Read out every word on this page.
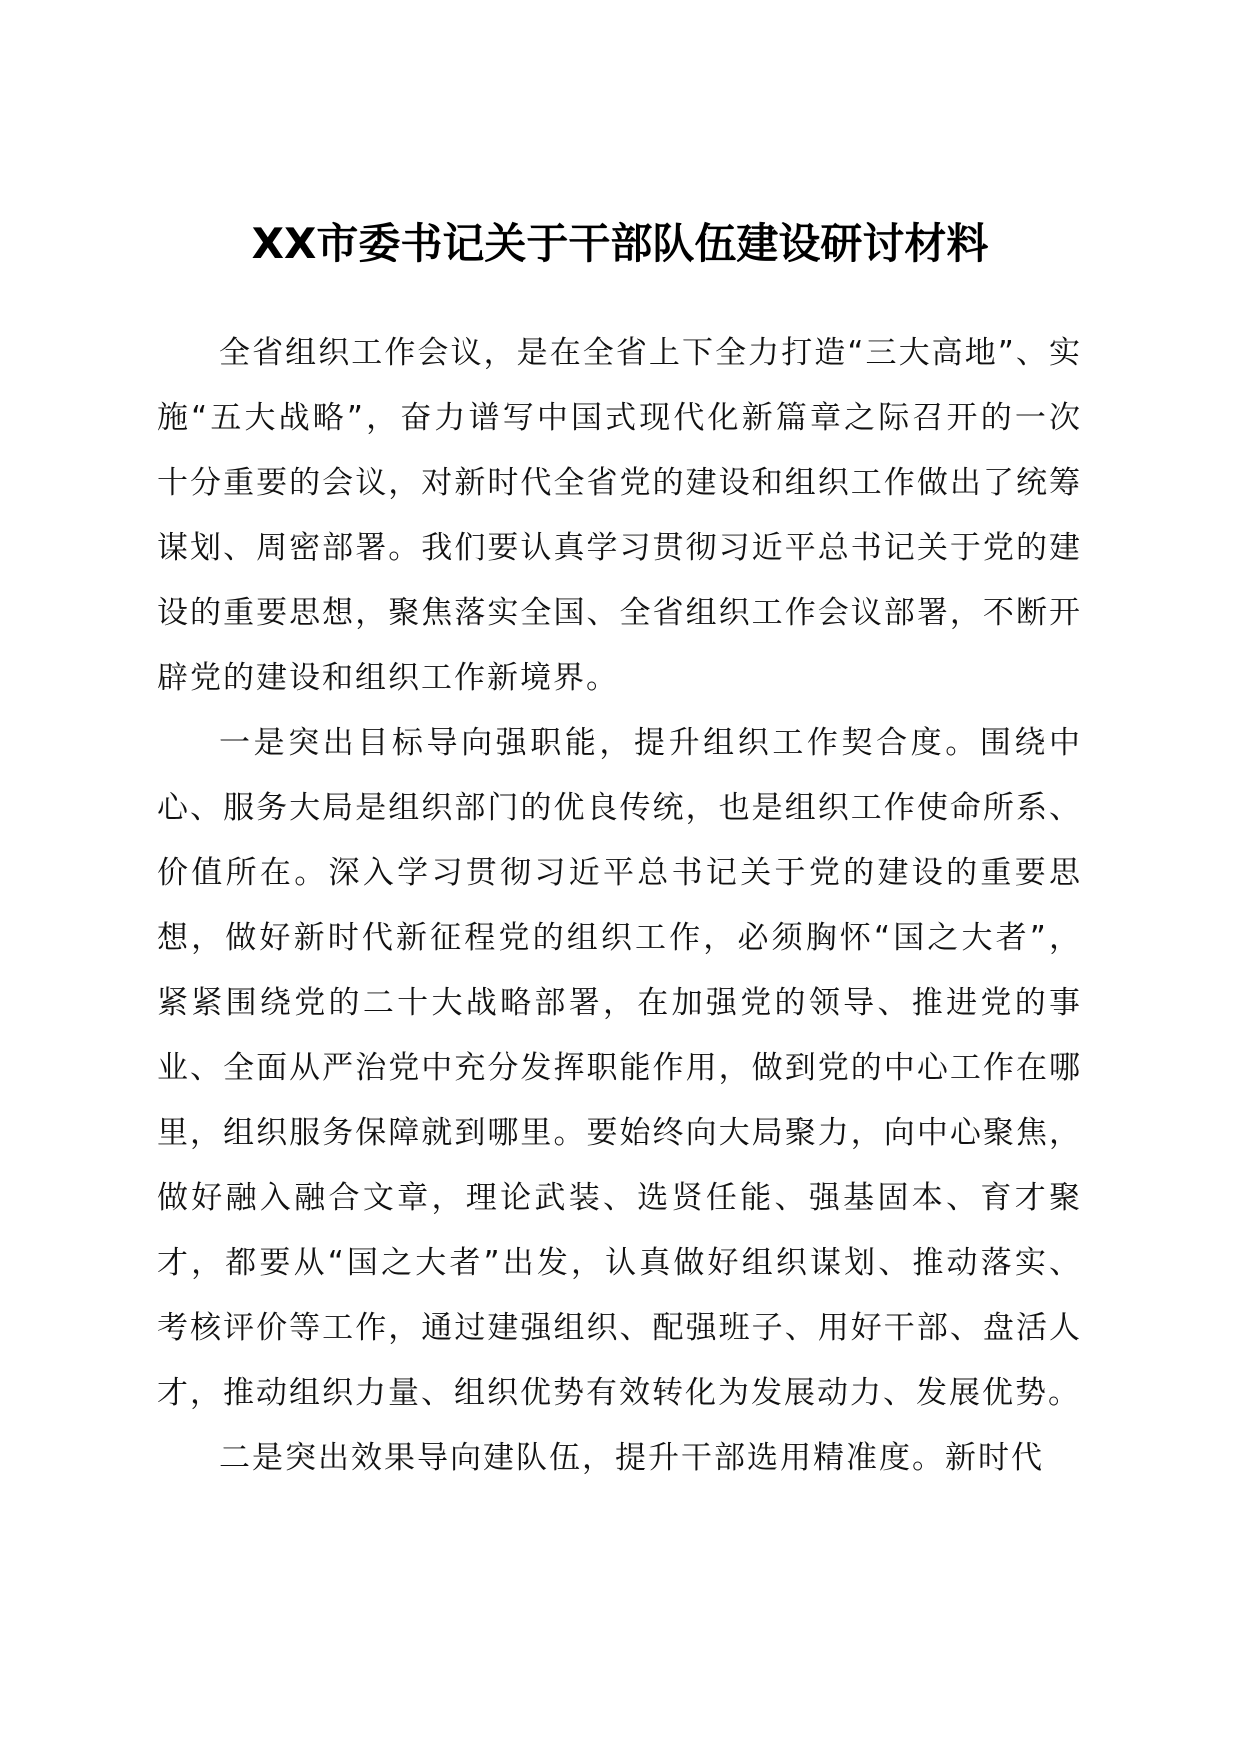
XX市委书记关于干部队伍建设研讨材料

全省组织工作会议，是在全省上下全力打造“三大高地”、实施“五大战略”，奋力谱写中国式现代化新篇章之际召开的一次十分重要的会议，对新时代全省党的建设和组织工作做出了统筹谋划、周密部署。我们要认真学习贯彻习近平总书记关于党的建设的重要思想，聚焦落实全国、全省组织工作会议部署，不断开辟党的建设和组织工作新境界。

一是突出目标导向强职能，提升组织工作契合度。围绕中心、服务大局是组织部门的优良传统，也是组织工作使命所系、价值所在。深入学习贯彻习近平总书记关于党的建设的重要思想，做好新时代新征程党的组织工作，必须胸怀“国之大者”，紧紧围绕党的二十大战略部署，在加强党的领导、推进党的事业、全面从严治党中充分发挥职能作用，做到党的中心工作在哪里，组织服务保障就到哪里。要始终向大局聚力，向中心聚焦，做好融入融合文章，理论武装、选贤任能、强基固本、育才聚才，都要从“国之大者”出发，认真做好组织谋划、推动落实、考核评价等工作，通过建强组织、配强班子、用好干部、盘活人才，推动组织力量、组织优势有效转化为发展动力、发展优势。

二是突出效果导向建队伍，提升干部选用精准度。新时代
